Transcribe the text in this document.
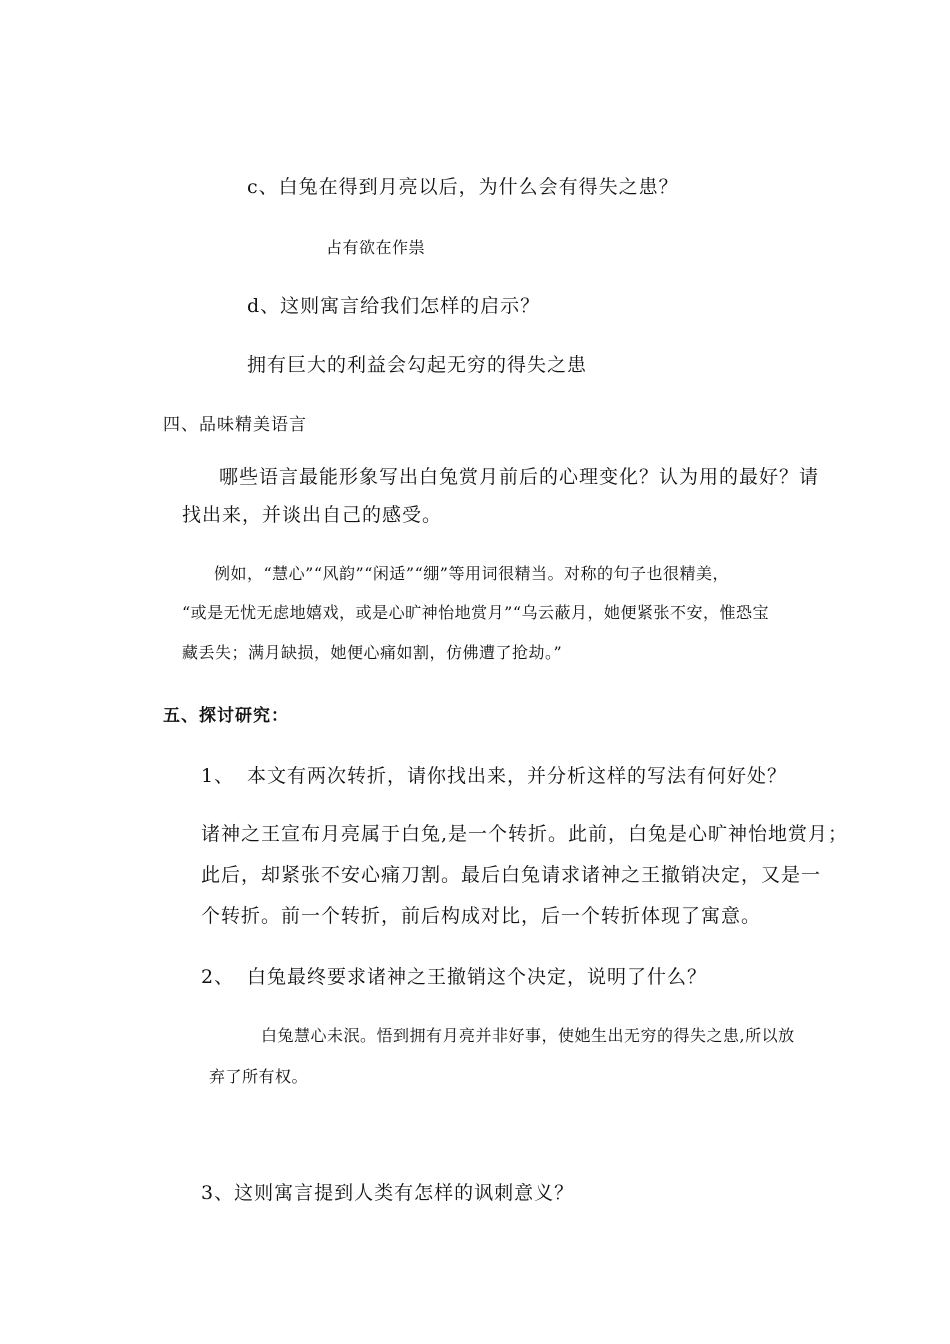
c、白兔在得到月亮以后，为什么会有得失之患？
占有欲在作祟
d、这则寓言给我们怎样的启示？
拥有巨大的利益会勾起无穷的得失之患
四、品味精美语言
哪些语言最能形象写出白兔赏月前后的心理变化？认为用的最好？请
找出来，并谈出自己的感受。
例如，“慧心”“风韵”“闲适”“绷”等用词很精当。对称的句子也很精美，
“或是无忧无虑地嬉戏，或是心旷神怡地赏月”“乌云蔽月，她便紧张不安，惟恐宝
藏丢失；满月缺损，她便心痛如割，仿佛遭了抢劫。”
五、探讨研究：
1、 本文有两次转折，请你找出来，并分析这样的写法有何好处？
诸神之王宣布月亮属于白兔,是一个转折。此前，白兔是心旷神怡地赏月；
此后，却紧张不安心痛刀割。最后白兔请求诸神之王撤销决定，又是一
个转折。前一个转折，前后构成对比，后一个转折体现了寓意。
2、 白兔最终要求诸神之王撤销这个决定，说明了什么？
白兔慧心未泯。悟到拥有月亮并非好事，使她生出无穷的得失之患,所以放
弃了所有权。
3、这则寓言提到人类有怎样的讽刺意义？
